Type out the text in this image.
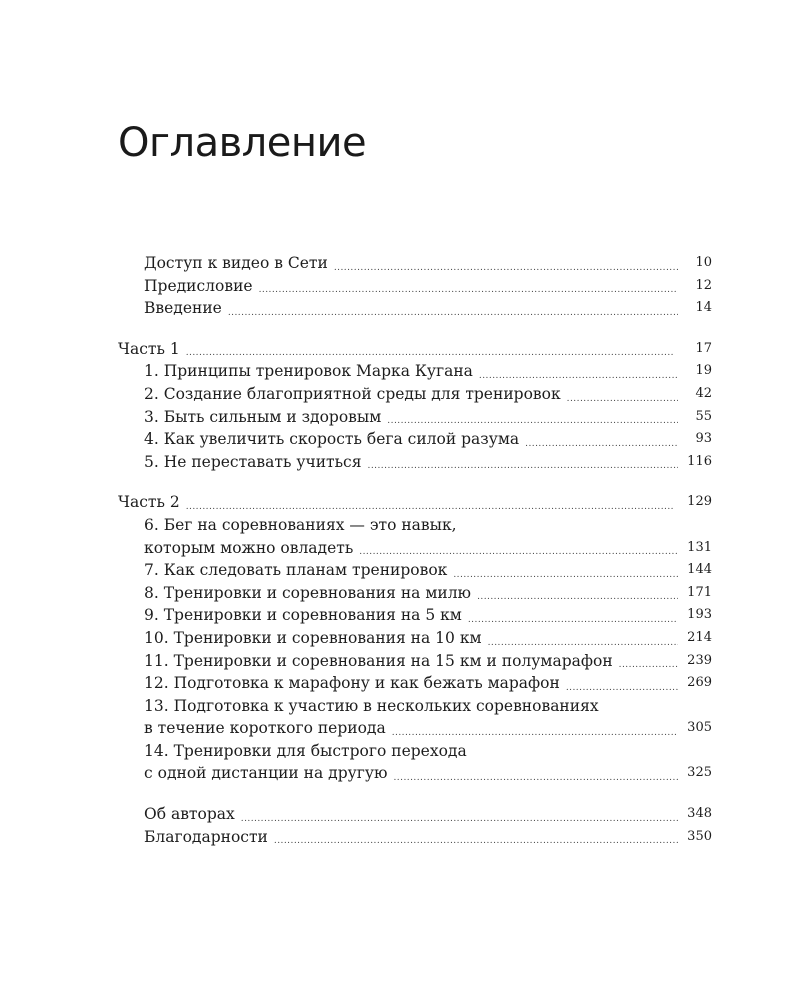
Оглавление
Доступ к видео в Сети . . .	10
Предисловие . . .	12
Введение . . .	14
Часть 1 . . .	17
1. Принципы тренировок Марка Кугана . . .	19
2. Создание благоприятной среды для тренировок . . .	42
3. Быть сильным и здоровым . . .	55
4. Как увеличить скорость бега силой разума . . .	93
5. Не переставать учиться . . .	116
Часть 2 . . .	129
6. Бег на соревнованиях — это навык,
которым можно овладеть . . .	131
7. Как следовать планам тренировок . . .	144
8. Тренировки и соревнования на милю . . .	171
9. Тренировки и соревнования на 5 км . . .	193
10. Тренировки и соревнования на 10 км . . .	214
11. Тренировки и соревнования на 15 км и полумарафон . . .	239
12. Подготовка к марафону и как бежать марафон . . .	269
13. Подготовка к участию в нескольких соревнованиях
в течение короткого периода . . .	305
14. Тренировки для быстрого перехода
с одной дистанции на другую . . .	325
Об авторах . . .	348
Благодарности . . .	350
